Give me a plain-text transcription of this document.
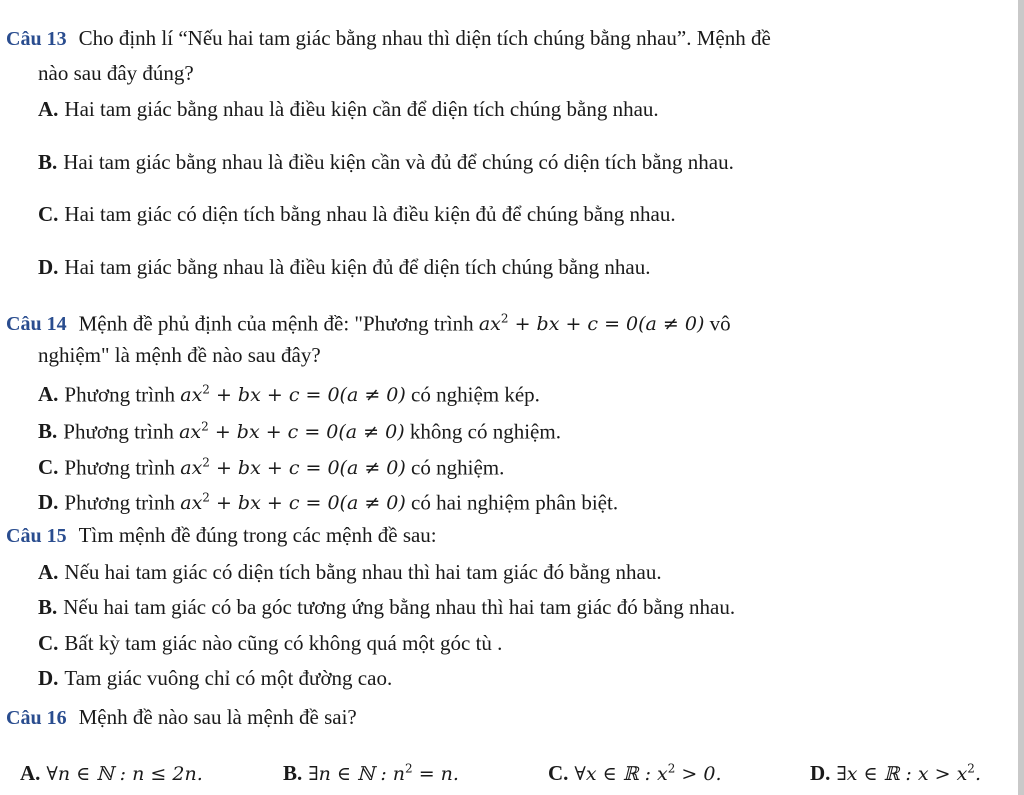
Câu 13 Cho định lí “Nếu hai tam giác bằng nhau thì diện tích chúng bằng nhau”. Mệnh đề
nào sau đây đúng?
A. Hai tam giác bằng nhau là điều kiện cần để diện tích chúng bằng nhau.
B. Hai tam giác bằng nhau là điều kiện cần và đủ để chúng có diện tích bằng nhau.
C. Hai tam giác có diện tích bằng nhau là điều kiện đủ để chúng bằng nhau.
D. Hai tam giác bằng nhau là điều kiện đủ để diện tích chúng bằng nhau.
Câu 14 Mệnh đề phủ định của mệnh đề: "Phương trình $ax^2$ + bx + c = 0(a ≠ 0) vô
nghiệm" là mệnh đề nào sau đây?
A. Phương trình $ax^2$ + bx + c = 0(a ≠ 0) có nghiệm kép.
B. Phương trình $ax^2$ + bx + c = 0(a ≠ 0) không có nghiệm.
C. Phương trình $ax^2$ + bx + c = 0(a ≠ 0) có nghiệm.
D. Phương trình $ax^2$ + bx + c = 0(a ≠ 0) có hai nghiệm phân biệt.
Câu 15 Tìm mệnh đề đúng trong các mệnh đề sau:
A. Nếu hai tam giác có diện tích bằng nhau thì hai tam giác đó bằng nhau.
B. Nếu hai tam giác có ba góc tương ứng bằng nhau thì hai tam giác đó bằng nhau.
C. Bất kỳ tam giác nào cũng có không quá một góc tù .
D. Tam giác vuông chỉ có một đường cao.
Câu 16 Mệnh đề nào sau là mệnh đề sai?
A. ∀n ∈ ℕ : n ≤ 2n.	B. ∃n ∈ ℕ : $n^2 = n$.	C. ∀x ∈ ℝ : $x^2 > 0$.	D. ∃x ∈ ℝ : $x > x^2$.
